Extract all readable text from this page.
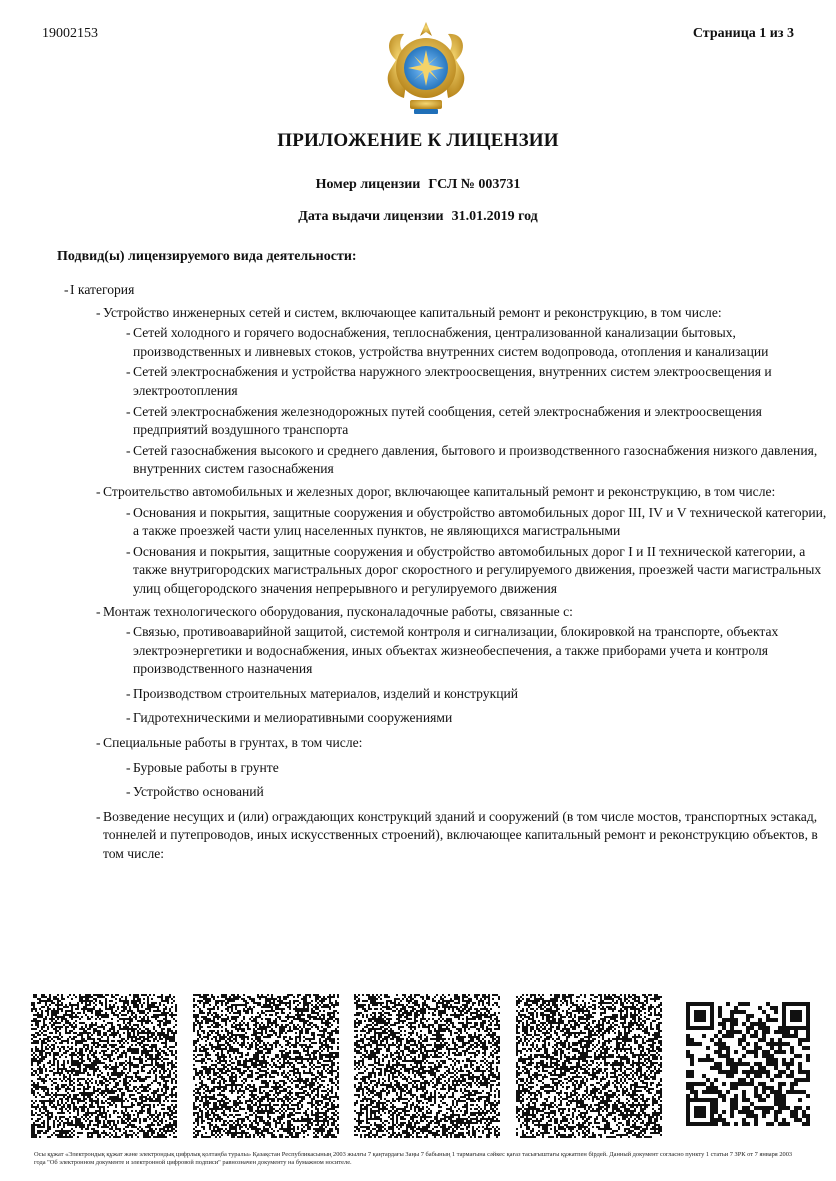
19002153	Страница 1 из 3
ПРИЛОЖЕНИЕ К ЛИЦЕНЗИИ
Номер лицензии ГСЛ № 003731
Дата выдачи лицензии 31.01.2019 год
Подвид(ы) лицензируемого вида деятельности:
- I категория
- Устройство инженерных сетей и систем, включающее капитальный ремонт и реконструкцию, в том числе:
- Сетей холодного и горячего водоснабжения, теплоснабжения, централизованной канализации бытовых, производственных и ливневых стоков, устройства внутренних систем водопровода, отопления и канализации
- Сетей электроснабжения и устройства наружного электроосвещения, внутренних систем электроосвещения и электроотопления
- Сетей электроснабжения железнодорожных путей сообщения, сетей электроснабжения и электроосвещения предприятий воздушного транспорта
- Сетей газоснабжения высокого и среднего давления, бытового и производственного газоснабжения низкого давления, внутренних систем газоснабжения
- Строительство автомобильных и железных дорог, включающее капитальный ремонт и реконструкцию, в том числе:
- Основания и покрытия, защитные сооружения и обустройство автомобильных дорог III, IV и V технической категории, а также проезжей части улиц населенных пунктов, не являющихся магистральными
- Основания и покрытия, защитные сооружения и обустройство автомобильных дорог I и II технической категории, а также внутригородских магистральных дорог скоростного и регулируемого движения, проезжей части магистральных улиц общегородского значения непрерывного и регулируемого движения
- Монтаж технологического оборудования, пусконаладочные работы, связанные с:
- Связью, противоаварийной защитой, системой контроля и сигнализации, блокировкой на транспорте, объектах электроэнергетики и водоснабжения, иных объектах жизнеобеспечения, а также приборами учета и контроля производственного назначения
- Производством строительных материалов, изделий и конструкций
- Гидротехническими и мелиоративными сооружениями
- Специальные работы в грунтах, в том числе:
- Буровые работы в грунте
- Устройство оснований
- Возведение несущих и (или) ограждающих конструкций зданий и сооружений (в том числе мостов, транспортных эстакад, тоннелей и путепроводов, иных искусственных строений), включающее капитальный ремонт и реконструкцию объектов, в том числе:
Осы құжат «Электрондық құжат және электрондық цифрлық қолтаңба туралы» Қазақстан Республикасының 2003 жылғы 7 қаңтардағы Заңы 7 бабының 1 тармағына сәйкес қағаз тасығыштағы құжатпен бірдей. Данный документ согласно пункту 1 статьи 7 ЗРК от 7 января 2003 года "Об электронном документе и электронной цифровой подписи" равнозначен документу на бумажном носителе.
